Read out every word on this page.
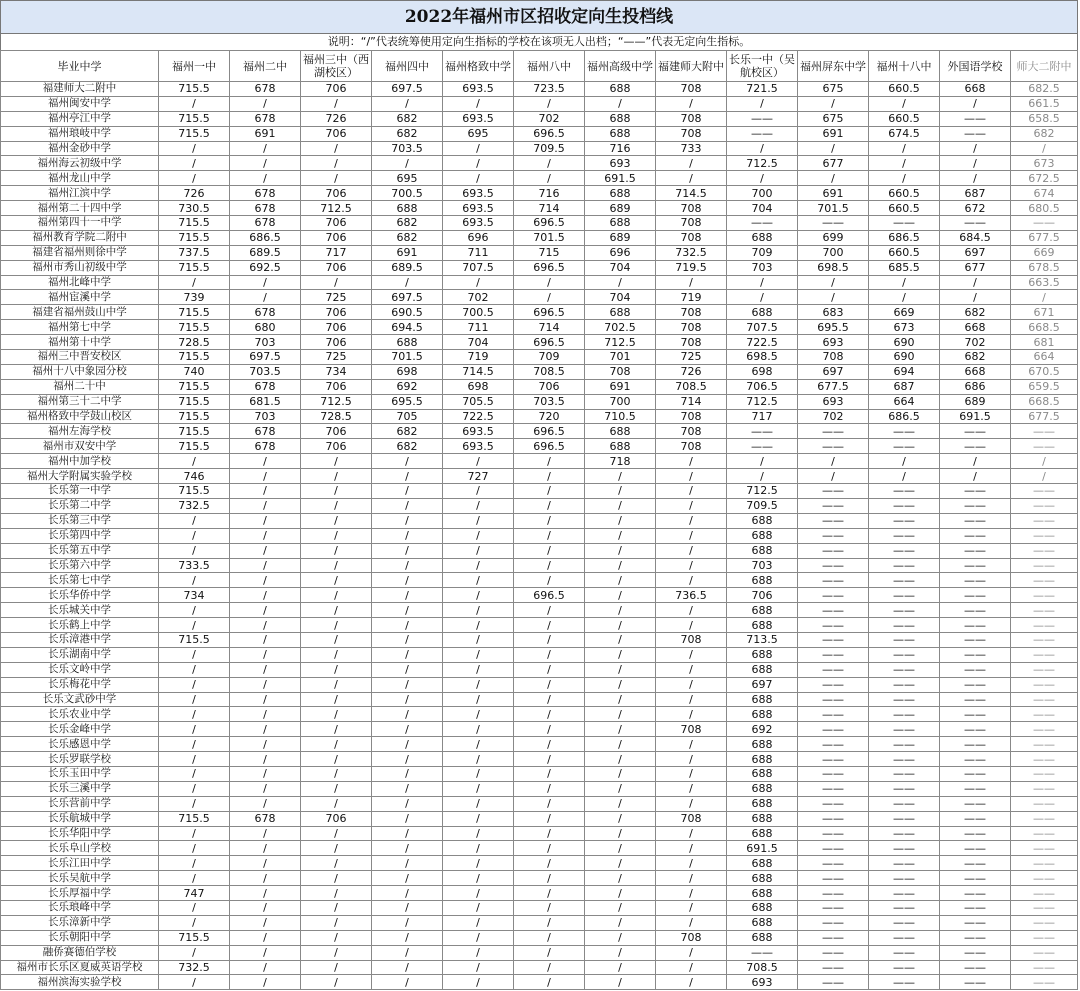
2022年福州市区招收定向生投档线
说明：“/”代表统筹使用定向生指标的学校在该项无人出档；“——”代表无定向生指标。
毕业中学	福州一中	福州二中	福州三中（西湖校区）	福州四中	福州格致中学	福州八中	福州高级中学	福建师大附中	长乐一中（吴航校区）	福州屏东中学	福州十八中	外国语学校	师大二附中
福建师大二附中	715.5	678	706	697.5	693.5	723.5	688	708	721.5	675	660.5	668	682.5
福州闽安中学	/	/	/	/	/	/	/	/	/	/	/	/	661.5
福州亭江中学	715.5	678	726	682	693.5	702	688	708	——	675	660.5	——	658.5
福州琅岐中学	715.5	691	706	682	695	696.5	688	708	——	691	674.5	——	682
福州金砂中学	/	/	/	703.5	/	709.5	716	733	/	/	/	/	/
福州海云初级中学	/	/	/	/	/	/	693	/	712.5	677	/	/	673
福州龙山中学	/	/	/	695	/	/	691.5	/	/	/	/	/	672.5
福州江滨中学	726	678	706	700.5	693.5	716	688	714.5	700	691	660.5	687	674
福州第二十四中学	730.5	678	712.5	688	693.5	714	689	708	704	701.5	660.5	672	680.5
福州第四十一中学	715.5	678	706	682	693.5	696.5	688	708	——	——	——	——	——
福州教育学院二附中	715.5	686.5	706	682	696	701.5	689	708	688	699	686.5	684.5	677.5
福建省福州则徐中学	737.5	689.5	717	691	711	715	696	732.5	709	700	660.5	697	669
福州市秀山初级中学	715.5	692.5	706	689.5	707.5	696.5	704	719.5	703	698.5	685.5	677	678.5
福州北峰中学	/	/	/	/	/	/	/	/	/	/	/	/	663.5
福州宦溪中学	739	/	725	697.5	702	/	704	719	/	/	/	/	/
福建省福州鼓山中学	715.5	678	706	690.5	700.5	696.5	688	708	688	683	669	682	671
福州第七中学	715.5	680	706	694.5	711	714	702.5	708	707.5	695.5	673	668	668.5
福州第十中学	728.5	703	706	688	704	696.5	712.5	708	722.5	693	690	702	681
福州三中晋安校区	715.5	697.5	725	701.5	719	709	701	725	698.5	708	690	682	664
福州十八中象园分校	740	703.5	734	698	714.5	708.5	708	726	698	697	694	668	670.5
福州二十中	715.5	678	706	692	698	706	691	708.5	706.5	677.5	687	686	659.5
福州第三十二中学	715.5	681.5	712.5	695.5	705.5	703.5	700	714	712.5	693	664	689	668.5
福州格致中学鼓山校区	715.5	703	728.5	705	722.5	720	710.5	708	717	702	686.5	691.5	677.5
福州左海学校	715.5	678	706	682	693.5	696.5	688	708	——	——	——	——	——
福州市双安中学	715.5	678	706	682	693.5	696.5	688	708	——	——	——	——	——
福州中加学校	/	/	/	/	/	/	718	/	/	/	/	/	/
福州大学附属实验学校	746	/	/	/	727	/	/	/	/	/	/	/	/
长乐第一中学	715.5	/	/	/	/	/	/	/	712.5	——	——	——	——
长乐第二中学	732.5	/	/	/	/	/	/	/	709.5	——	——	——	——
长乐第三中学	/	/	/	/	/	/	/	/	688	——	——	——	——
长乐第四中学	/	/	/	/	/	/	/	/	688	——	——	——	——
长乐第五中学	/	/	/	/	/	/	/	/	688	——	——	——	——
长乐第六中学	733.5	/	/	/	/	/	/	/	703	——	——	——	——
长乐第七中学	/	/	/	/	/	/	/	/	688	——	——	——	——
长乐华侨中学	734	/	/	/	/	696.5	/	736.5	706	——	——	——	——
长乐城关中学	/	/	/	/	/	/	/	/	688	——	——	——	——
长乐鹤上中学	/	/	/	/	/	/	/	/	688	——	——	——	——
长乐漳港中学	715.5	/	/	/	/	/	/	708	713.5	——	——	——	——
长乐湖南中学	/	/	/	/	/	/	/	/	688	——	——	——	——
长乐文岭中学	/	/	/	/	/	/	/	/	688	——	——	——	——
长乐梅花中学	/	/	/	/	/	/	/	/	697	——	——	——	——
长乐文武砂中学	/	/	/	/	/	/	/	/	688	——	——	——	——
长乐农业中学	/	/	/	/	/	/	/	/	688	——	——	——	——
长乐金峰中学	/	/	/	/	/	/	/	708	692	——	——	——	——
长乐感恩中学	/	/	/	/	/	/	/	/	688	——	——	——	——
长乐罗联学校	/	/	/	/	/	/	/	/	688	——	——	——	——
长乐玉田中学	/	/	/	/	/	/	/	/	688	——	——	——	——
长乐三溪中学	/	/	/	/	/	/	/	/	688	——	——	——	——
长乐营前中学	/	/	/	/	/	/	/	/	688	——	——	——	——
长乐航城中学	715.5	678	706	/	/	/	/	708	688	——	——	——	——
长乐华阳中学	/	/	/	/	/	/	/	/	688	——	——	——	——
长乐阜山学校	/	/	/	/	/	/	/	/	691.5	——	——	——	——
长乐江田中学	/	/	/	/	/	/	/	/	688	——	——	——	——
长乐吴航中学	/	/	/	/	/	/	/	/	688	——	——	——	——
长乐厚福中学	747	/	/	/	/	/	/	/	688	——	——	——	——
长乐琅峰中学	/	/	/	/	/	/	/	/	688	——	——	——	——
长乐漳新中学	/	/	/	/	/	/	/	/	688	——	——	——	——
长乐朝阳中学	715.5	/	/	/	/	/	/	708	688	——	——	——	——
融侨赛德伯学校	/	/	/	/	/	/	/	/	——	——	——	——	——
福州市长乐区夏威英语学校	732.5	/	/	/	/	/	/	/	708.5	——	——	——	——
福州滨海实验学校	/	/	/	/	/	/	/	/	693	——	——	——	——
